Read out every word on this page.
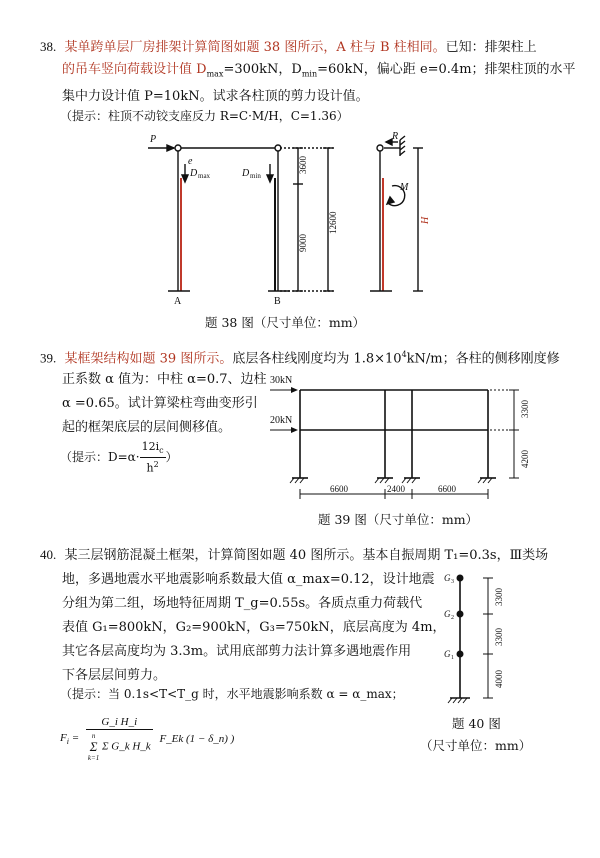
38. 某单跨单层厂房排架计算简图如题 38 图所示，A 柱与 B 柱相同。已知：排架柱上
的吊车竖向荷载设计值 $D_{max}=300kN$，$D_{min}=60kN$，偏心距 e=0.4m；排架柱顶的水平
集中力设计值 P=10kN。试求各柱顶的剪力设计值。
（提示：柱顶不动铰支座反力 R=C·M/H，C=1.36）
P
e
D max	D min
A	B
3600
9000
12600
R
M
H
题 38 图（尺寸单位：mm）
39. 某框架结构如题 39 图所示。底层各柱线刚度均为 $1.8\times 10^4kN/m$；各柱的侧移刚度修
正系数 α 值为：中柱 α=0.7、边柱
α =0.65。试计算梁柱弯曲变形引
起的框架底层的层间侧移值。
（提示：$D=\alpha\cdot \frac{12i_c}{h^2}$ ）
30kN
20kN
3300
4200
6600	2400	6600
题 39 图（尺寸单位：mm）
40. 某三层钢筋混凝土框架，计算简图如题 40 图所示。基本自振周期 T₁=0.3s，Ⅲ类场
地，多遇地震水平地震影响系数最大值 α_max=0.12，设计地震
分组为第二组，场地特征周期 T_g=0.55s。各质点重力荷载代
表值 G₁=800kN，G₂=900kN，G₃=750kN，底层高度为 4m，
其它各层高度均为 3.3m。试用底部剪力法计算多遇地震作用
下各层层间剪力。
（提示：当 0.1s<T<T_g 时，水平地震影响系数 α = α_max；
$F_i$ = G_i H_i
n
Σ
k=1
Σ G_k H_k F_Ek (1 − δ_n) )
G 3
G 2
G 1
3300
3300
4000
题 40 图
（尺寸单位：mm）
